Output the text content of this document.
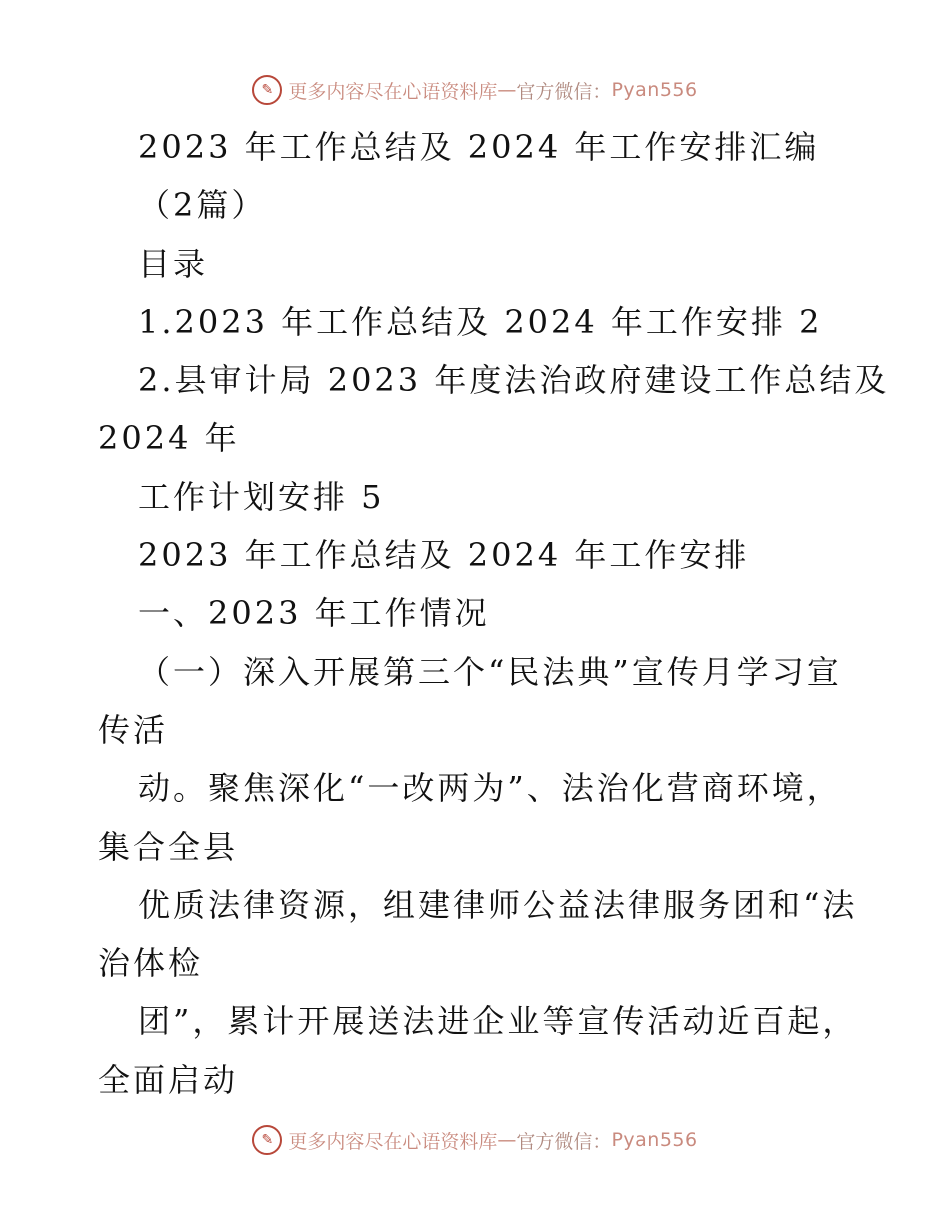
✎ 更多内容尽在心语资料库 — 官方微信： Pyan556
2023 年工作总结及 2024 年工作安排汇编
（2篇）
目录
1.2023 年工作总结及 2024 年工作安排 2
2.县审计局 2023 年度法治政府建设工作总结及
2024 年
工作计划安排 5
2023 年工作总结及 2024 年工作安排
一、2023 年工作情况
（一）深入开展第三个“民法典”宣传月学习宣
传活
动。聚焦深化“一改两为”、法治化营商环境，
集合全县
优质法律资源，组建律师公益法律服务团和“法
治体检
团”，累计开展送法进企业等宣传活动近百起，
全面启动
✎ 更多内容尽在心语资料库 — 官方微信： Pyan556
